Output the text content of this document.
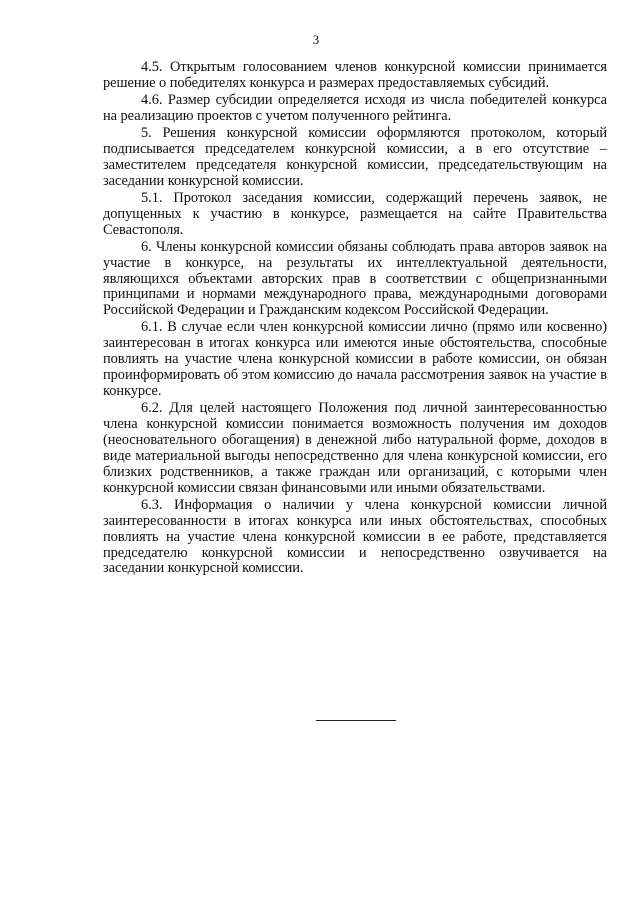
3

4.5. Открытым голосованием членов конкурсной комиссии принимается решение о победителях конкурса и размерах предоставляемых субсидий.

4.6. Размер субсидии определяется исходя из числа победителей конкурса на реализацию проектов с учетом полученного рейтинга.

5. Решения конкурсной комиссии оформляются протоколом, который подписывается председателем конкурсной комиссии, а в его отсутствие – заместителем председателя конкурсной комиссии, председательствующим на заседании конкурсной комиссии.

5.1. Протокол заседания комиссии, содержащий перечень заявок, не допущенных к участию в конкурсе, размещается на сайте Правительства Севастополя.

6. Члены конкурсной комиссии обязаны соблюдать права авторов заявок на участие в конкурсе, на результаты их интеллектуальной деятельности, являющихся объектами авторских прав в соответствии с общепризнанными принципами и нормами международного права, международными договорами Российской Федерации и Гражданским кодексом Российской Федерации.

6.1. В случае если член конкурсной комиссии лично (прямо или косвенно) заинтересован в итогах конкурса или имеются иные обстоятельства, способные повлиять на участие члена конкурсной комиссии в работе комиссии, он обязан проинформировать об этом комиссию до начала рассмотрения заявок на участие в конкурсе.

6.2. Для целей настоящего Положения под личной заинтересованностью члена конкурсной комиссии понимается возможность получения им доходов (неосновательного обогащения) в денежной либо натуральной форме, доходов в виде материальной выгоды непосредственно для члена конкурсной комиссии, его близких родственников, а также граждан или организаций, с которыми член конкурсной комиссии связан финансовыми или иными обязательствами.

6.3. Информация о наличии у члена конкурсной комиссии личной заинтересованности в итогах конкурса или иных обстоятельствах, способных повлиять на участие члена конкурсной комиссии в ее работе, представляется председателю конкурсной комиссии и непосредственно озвучивается на заседании конкурсной комиссии.
